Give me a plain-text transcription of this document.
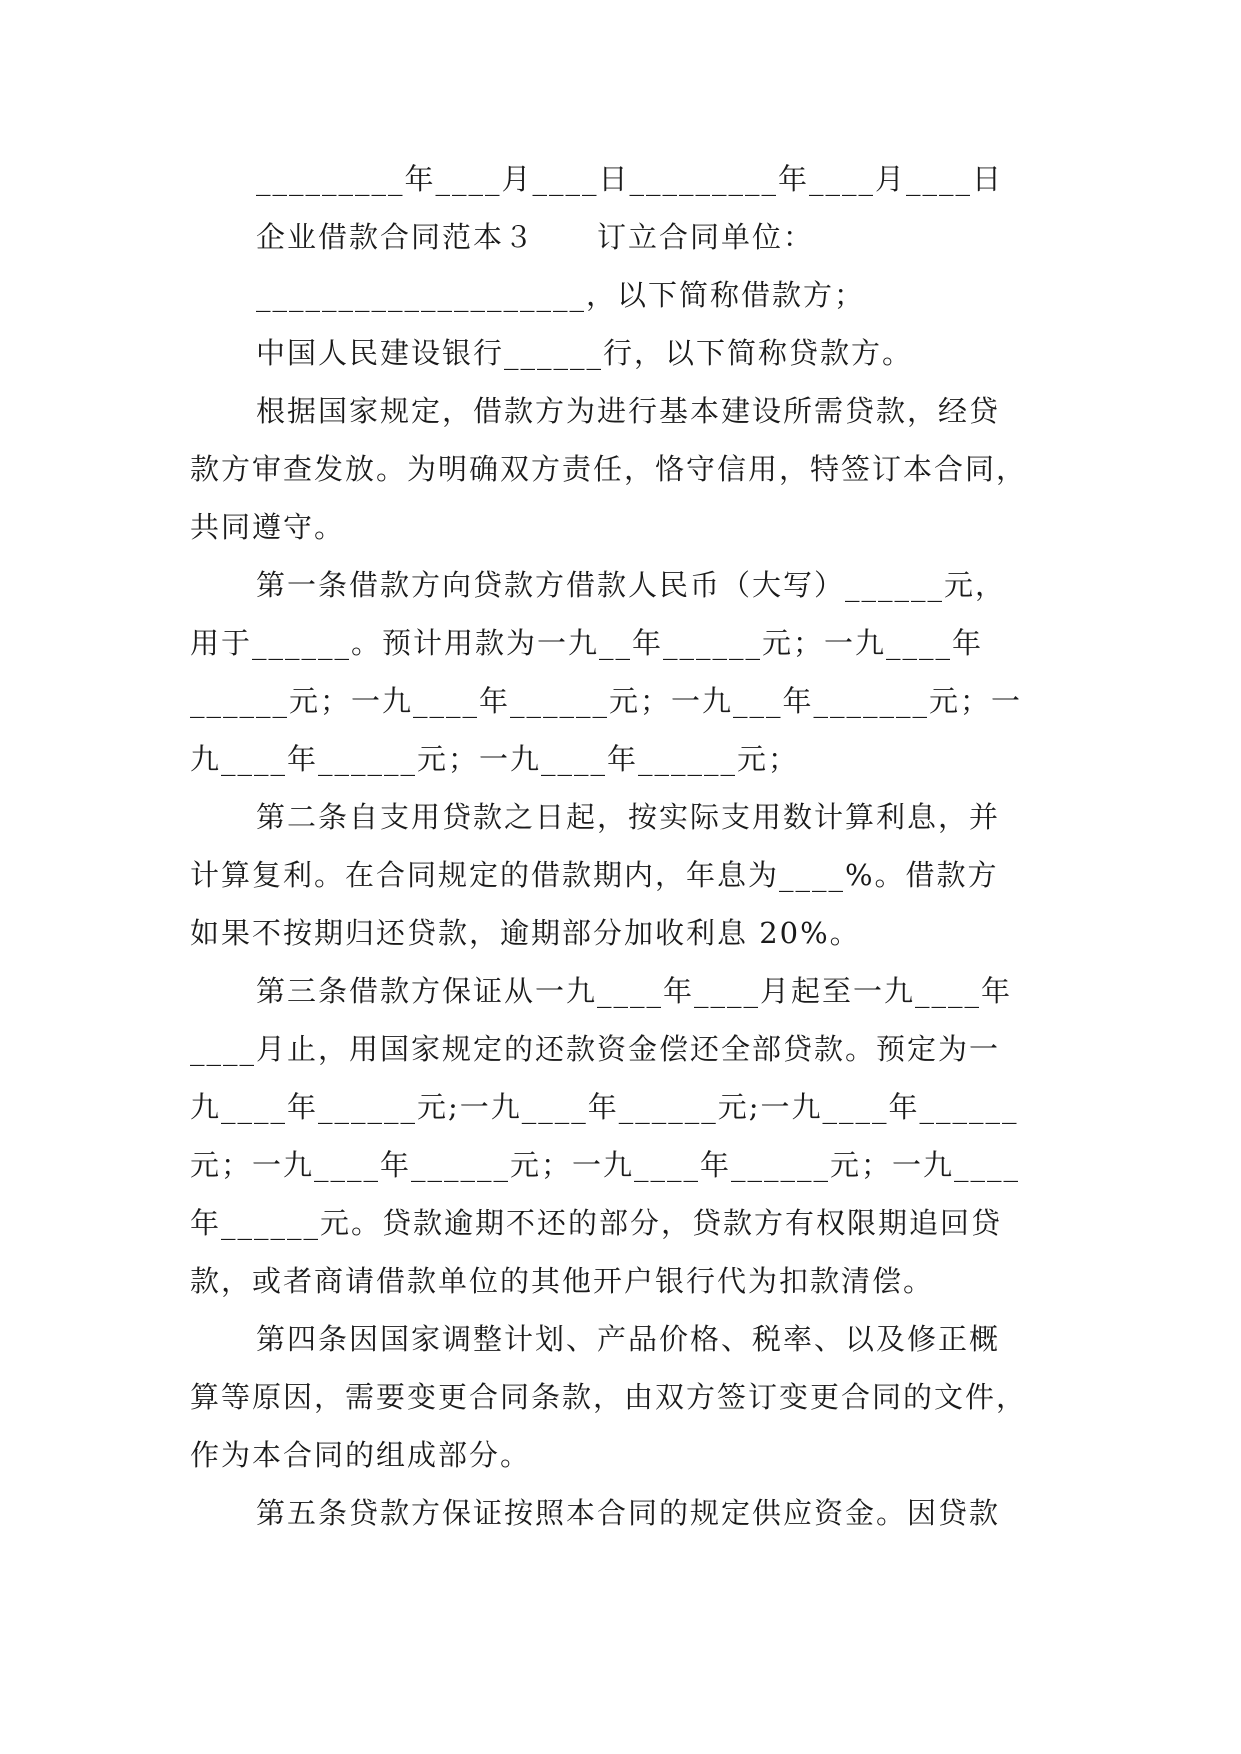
_________年____月____日_________年____月____日
企业借款合同范本３　　订立合同单位：
____________________，以下简称借款方；
中国人民建设银行______行，以下简称贷款方。
根据国家规定，借款方为进行基本建设所需贷款，经贷
款方审查发放。为明确双方责任，恪守信用，特签订本合同，
共同遵守。
第一条借款方向贷款方借款人民币（大写）______元，
用于______。预计用款为一九__年______元；一九____年
______元；一九____年______元；一九___年_______元；一
九____年______元；一九____年______元；
第二条自支用贷款之日起，按实际支用数计算利息，并
计算复利。在合同规定的借款期内，年息为____%。借款方
如果不按期归还贷款，逾期部分加收利息 20%。
第三条借款方保证从一九____年____月起至一九____年
____月止，用国家规定的还款资金偿还全部贷款。预定为一
九____年______元;一九____年______元;一九____年______
元；一九____年______元；一九____年______元；一九____
年______元。贷款逾期不还的部分，贷款方有权限期追回贷
款，或者商请借款单位的其他开户银行代为扣款清偿。
第四条因国家调整计划、产品价格、税率、以及修正概
算等原因，需要变更合同条款，由双方签订变更合同的文件，
作为本合同的组成部分。
第五条贷款方保证按照本合同的规定供应资金。因贷款
